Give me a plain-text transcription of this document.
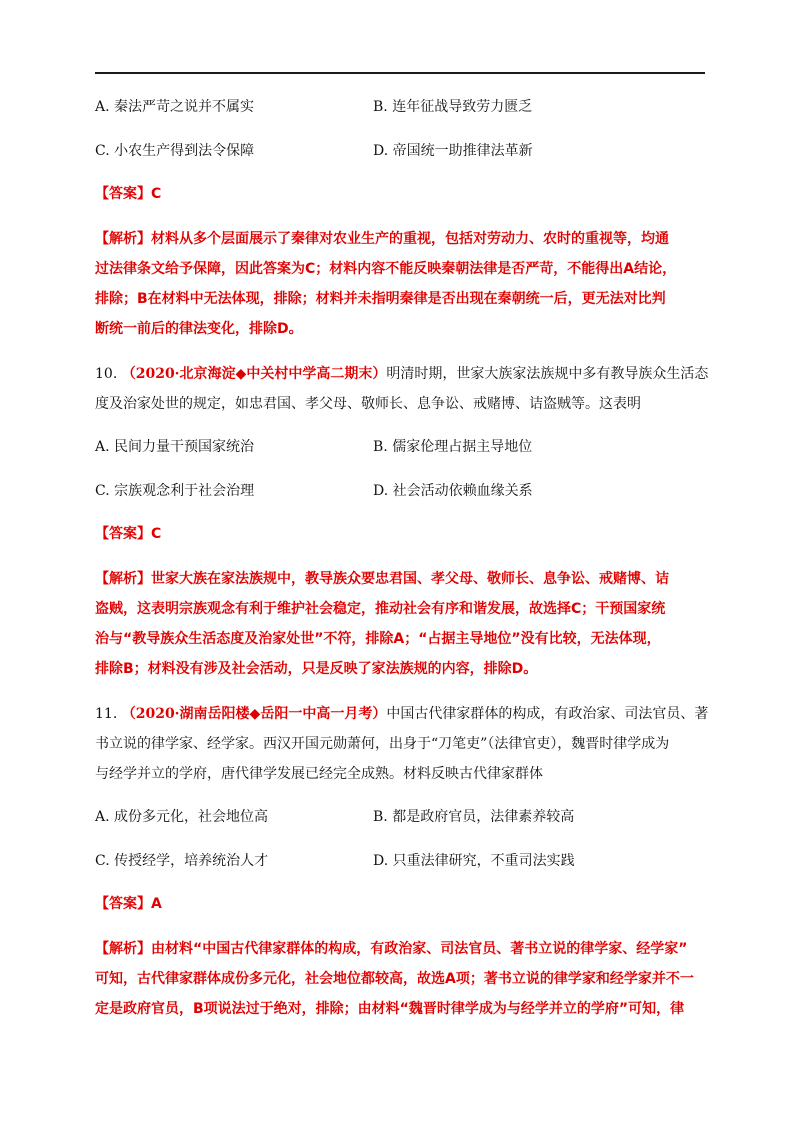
A. 秦法严苛之说并不属实	B. 连年征战导致劳力匮乏
C. 小农生产得到法令保障	D. 帝国统一助推律法革新
【答案】C
【解析】材料从多个层面展示了秦律对农业生产的重视，包括对劳动力、农时的重视等，均通
过法律条文给予保障，因此答案为C；材料内容不能反映秦朝法律是否严苛，不能得出A结论，
排除；B在材料中无法体现，排除；材料并未指明秦律是否出现在秦朝统一后，更无法对比判
断统一前后的律法变化，排除D。
10. （2020·北京海淀◆中关村中学高二期末）明清时期，世家大族家法族规中多有教导族众生活态
度及治家处世的规定，如忠君国、孝父母、敬师长、息争讼、戒赌博、诘盗贼等。这表明
A. 民间力量干预国家统治	B. 儒家伦理占据主导地位
C. 宗族观念利于社会治理	D. 社会活动依赖血缘关系
【答案】C
【解析】世家大族在家法族规中，教导族众要忠君国、孝父母、敬师长、息争讼、戒赌博、诘
盗贼，这表明宗族观念有利于维护社会稳定，推动社会有序和谐发展，故选择C；干预国家统
治与“教导族众生活态度及治家处世”不符，排除A；“占据主导地位”没有比较，无法体现，
排除B；材料没有涉及社会活动，只是反映了家法族规的内容，排除D。
11. （2020·湖南岳阳楼◆岳阳一中高一月考）中国古代律家群体的构成，有政治家、司法官员、著
书立说的律学家、经学家。西汉开国元勋萧何，出身于“刀笔吏”（法律官吏），魏晋时律学成为
与经学并立的学府，唐代律学发展已经完全成熟。材料反映古代律家群体
A. 成份多元化，社会地位高	B. 都是政府官员，法律素养较高
C. 传授经学，培养统治人才	D. 只重法律研究，不重司法实践
【答案】A
【解析】由材料“中国古代律家群体的构成，有政治家、司法官员、著书立说的律学家、经学家”
可知，古代律家群体成份多元化，社会地位都较高，故选A项；著书立说的律学家和经学家并不一
定是政府官员，B项说法过于绝对，排除；由材料“魏晋时律学成为与经学并立的学府”可知，律
